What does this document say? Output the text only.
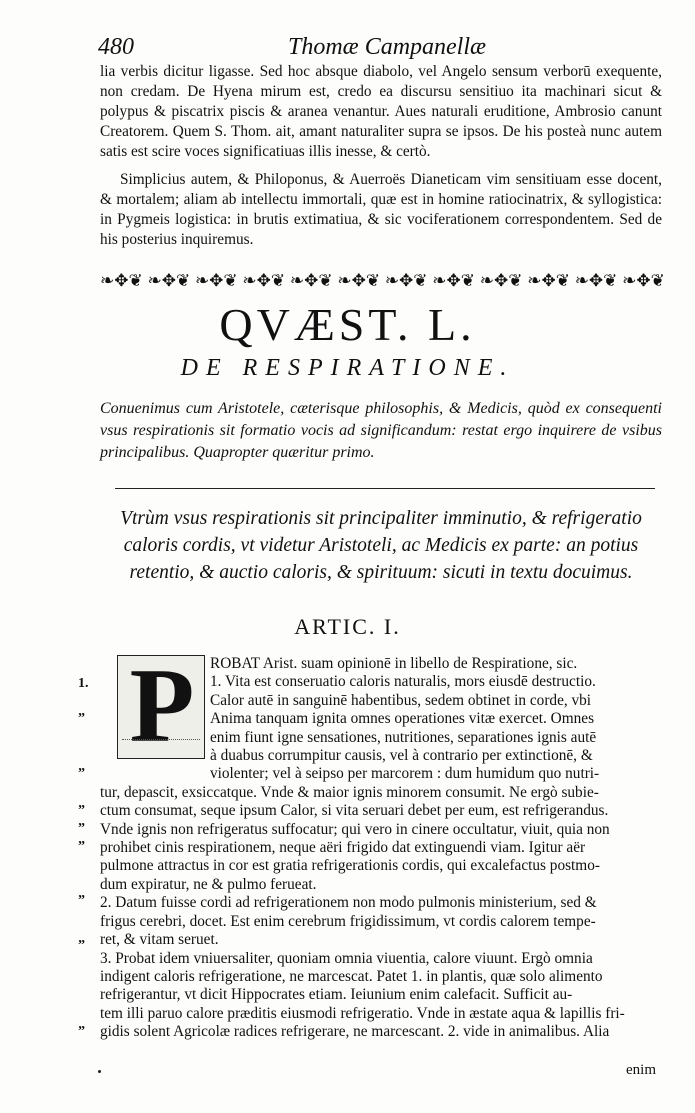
480	Thomæ Campanellæ

lia verbis dicitur ligasse. Sed hoc absque diabolo, vel Angelo sensum verborū exequente, non credam. De Hyena mirum est, credo ea discursu sensitiuo ita machinari sicut & polypus & piscatrix piscis & aranea venantur. Aues naturali eruditione, Ambrosio canunt Creatorem. Quem S. Thom. ait, amant naturaliter supra se ipsos. De his posteà nunc autem satis est scire voces significatiuas illis inesse, & certò.

Simplicius autem, & Philoponus, & Auerroës Dianeticam vim sensitiuam esse docent, & mortalem; aliam ab intellectu immortali, quæ est in homine ratiocinatrix, & syllogistica: in Pygmeis logistica: in brutis extimatiua, & sic vociferationem correspondentem. Sed de his posterius inquiremus.

❧✥❦ ❧✥❦ ❧✥❦ ❧✥❦ ❧✥❦ ❧✥❦ ❧✥❦ ❧✥❦ ❧✥❦ ❧✥❦ ❧✥❦ ❧✥❦
QVÆST. L.
DE RESPIRATIONE.
Conuenimus cum Aristotele, cæterisque philosophis, & Medicis, quòd ex consequenti vsus respirationis sit formatio vocis ad significandum: restat ergo inquirere de vsibus principalibus. Quapropter quæritur primo.
Vtrùm vsus respirationis sit principaliter imminutio, & refrigeratio caloris cordis, vt videtur Aristoteli, ac Medicis ex parte: an potius retentio, & auctio caloris, & spirituum: sicuti in textu docuimus.
ARTIC. I.
P	ROBAT Arist. suam opinionē in libello de Respiratione, sic.
1. Vita est conseruatio caloris naturalis, mors eiusdē destructio.
Calor autē in sanguinē habentibus, sedem obtinet in corde, vbi
Anima tanquam ignita omnes operationes vitæ exercet. Omnes
enim fiunt igne sensationes, nutritiones, separationes ignis autē
à duabus corrumpitur causis, vel à contrario per extinctionē, &
violenter; vel à seipso per marcorem : dum humidum quo nutri-
tur, depascit, exsiccatque. Vnde & maior ignis minorem consumit. Ne ergò subie-
ctum consumat, seque ipsum Calor, si vita seruari debet per eum, est refrigerandus.
Vnde ignis non refrigeratus suffocatur; qui vero in cinere occultatur, viuit, quia non
prohibet cinis respirationem, neque aëri frigido dat extinguendi viam. Igitur aër
pulmone attractus in cor est gratia refrigerationis cordis, qui excalefactus postmo-
dum expiratur, ne & pulmo ferueat.
2. Datum fuisse cordi ad refrigerationem non modo pulmonis ministerium, sed &
frigus cerebri, docet. Est enim cerebrum frigidissimum, vt cordis calorem tempe-
ret, & vitam seruet.
3. Probat idem vniuersaliter, quoniam omnia viuentia, calore viuunt. Ergò omnia
indigent caloris refrigeratione, ne marcescat. Patet 1. in plantis, quæ solo alimento
refrigerantur, vt dicit Hippocrates etiam. Ieiunium enim calefacit. Sufficit au-
tem illi paruo calore præditis eiusmodi refrigeratio. Vnde in æstate aqua & lapillis fri-
gidis solent Agricolæ radices refrigerare, ne marcescant. 2. vide in animalibus. Alia
1.
”
”
”
”
”
”
”
”
enim
